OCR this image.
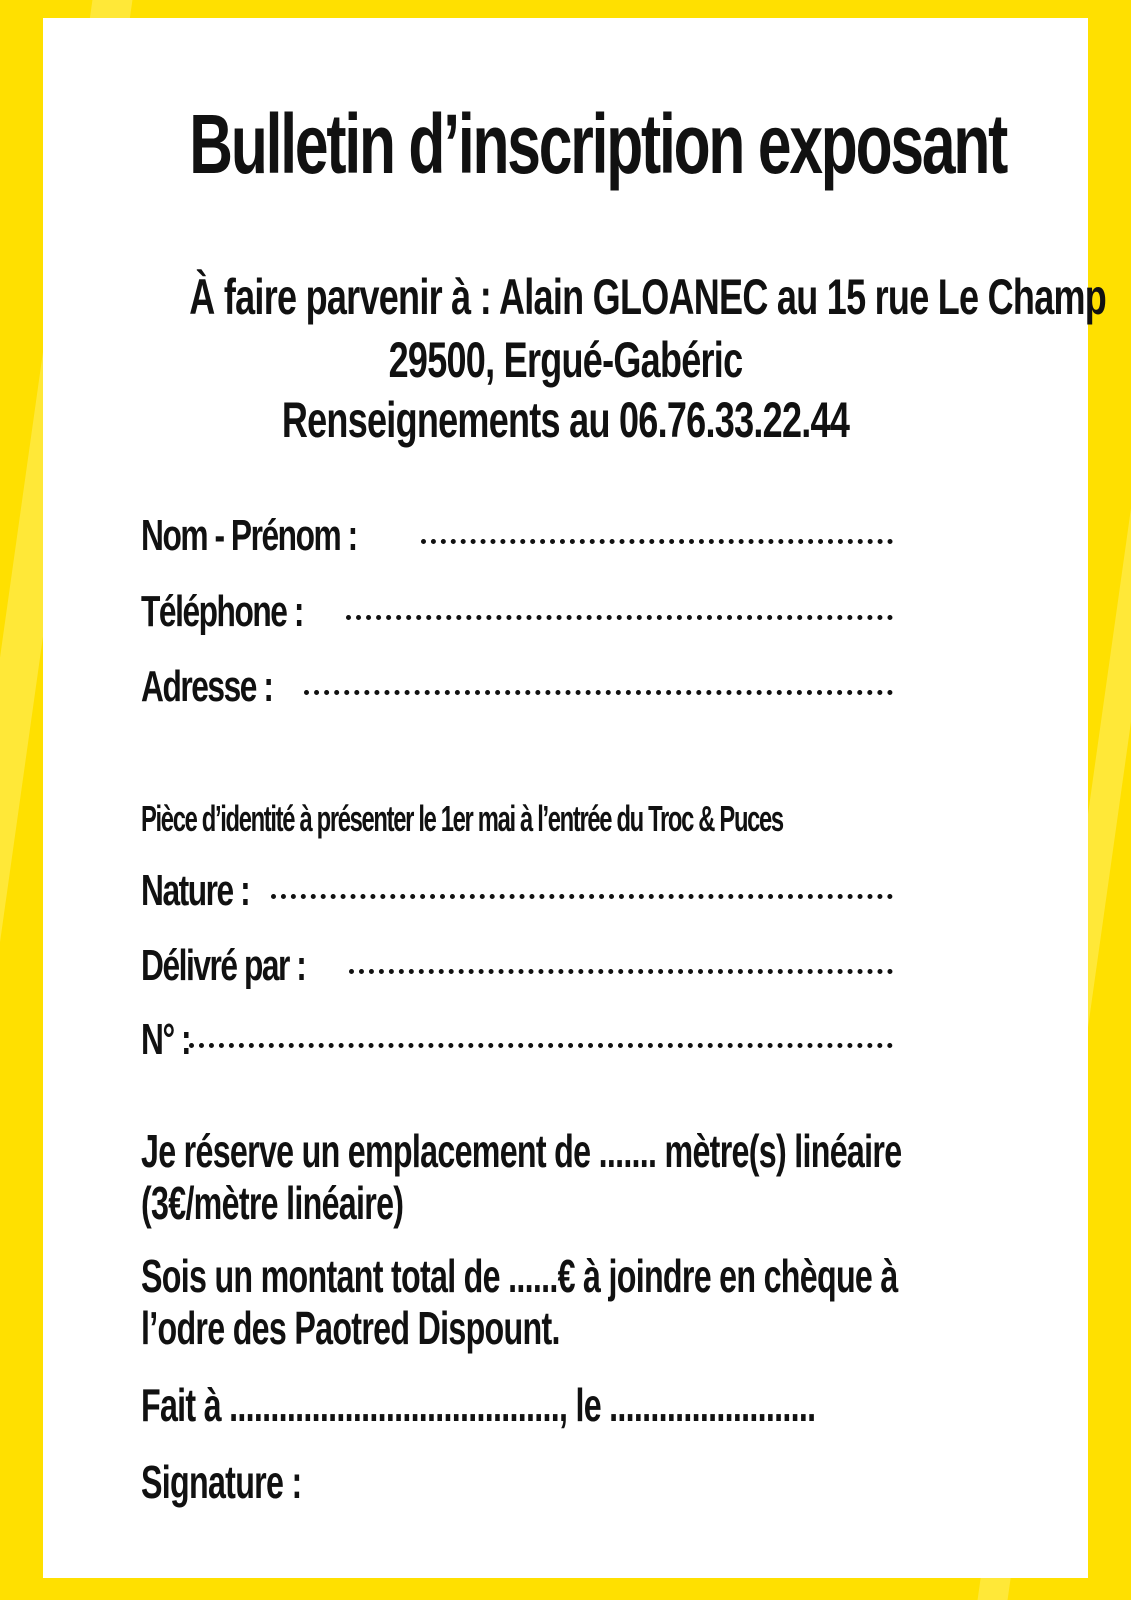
Bulletin d’inscription exposant
À faire parvenir à : Alain GLOANEC au 15 rue Le Champ
29500, Ergué-Gabéric
Renseignements au 06.76.33.22.44
Nom - Prénom :
Téléphone :
Adresse :
Pièce d’identité à présenter le 1er mai à l’entrée du Troc & Puces
Nature :
Délivré par :
N° :
Je réserve un emplacement de ....... mètre(s) linéaire
(3€/mètre linéaire)
Sois un montant total de ......€ à joindre en chèque à
l’odre des Paotred Dispount.
Fait à ........................................, le .........................
Signature :
